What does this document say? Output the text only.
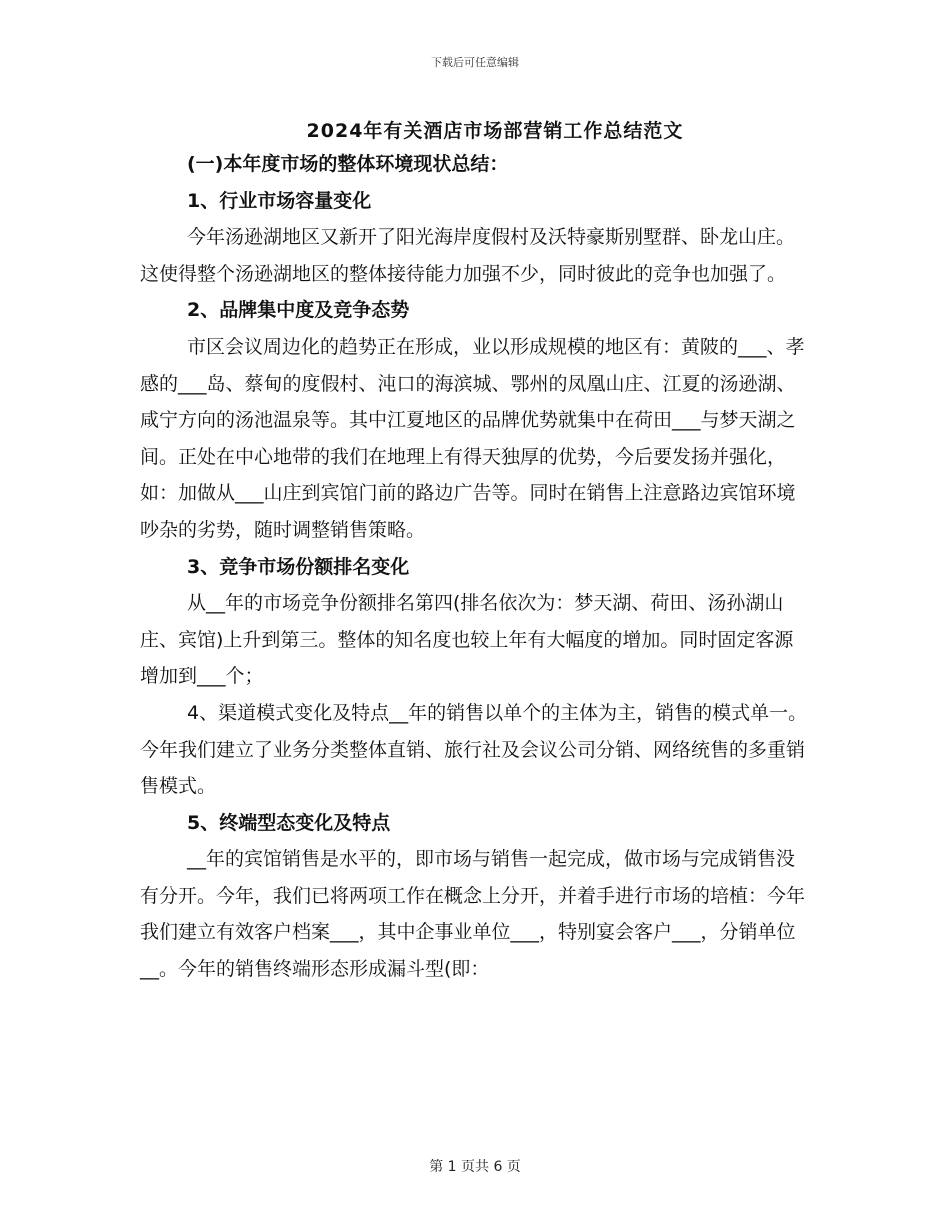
下载后可任意编辑
2024年有关酒店市场部营销工作总结范文
(一)本年度市场的整体环境现状总结：
1、行业市场容量变化

今年汤逊湖地区又新开了阳光海岸度假村及沃特豪斯别墅群、卧龙山庄。这使得整个汤逊湖地区的整体接待能力加强不少，同时彼此的竞争也加强了。

2、品牌集中度及竞争态势

市区会议周边化的趋势正在形成，业以形成规模的地区有：黄陂的___、孝感的___岛、蔡甸的度假村、沌口的海滨城、鄂州的凤凰山庄、江夏的汤逊湖、咸宁方向的汤池温泉等。其中江夏地区的品牌优势就集中在荷田___与梦天湖之间。正处在中心地带的我们在地理上有得天独厚的优势，今后要发扬并强化，如：加做从___山庄到宾馆门前的路边广告等。同时在销售上注意路边宾馆环境吵杂的劣势，随时调整销售策略。

3、竞争市场份额排名变化

从__年的市场竞争份额排名第四(排名依次为：梦天湖、荷田、汤孙湖山庄、宾馆)上升到第三。整体的知名度也较上年有大幅度的增加。同时固定客源增加到___个；

4、渠道模式变化及特点__年的销售以单个的主体为主，销售的模式单一。今年我们建立了业务分类整体直销、旅行社及会议公司分销、网络统售的多重销售模式。

5、终端型态变化及特点

__年的宾馆销售是水平的，即市场与销售一起完成，做市场与完成销售没有分开。今年，我们已将两项工作在概念上分开，并着手进行市场的培植：今年我们建立有效客户档案___，其中企事业单位___，特别宴会客户___，分销单位__。今年的销售终端形态形成漏斗型(即：

第 1 页共 6 页
